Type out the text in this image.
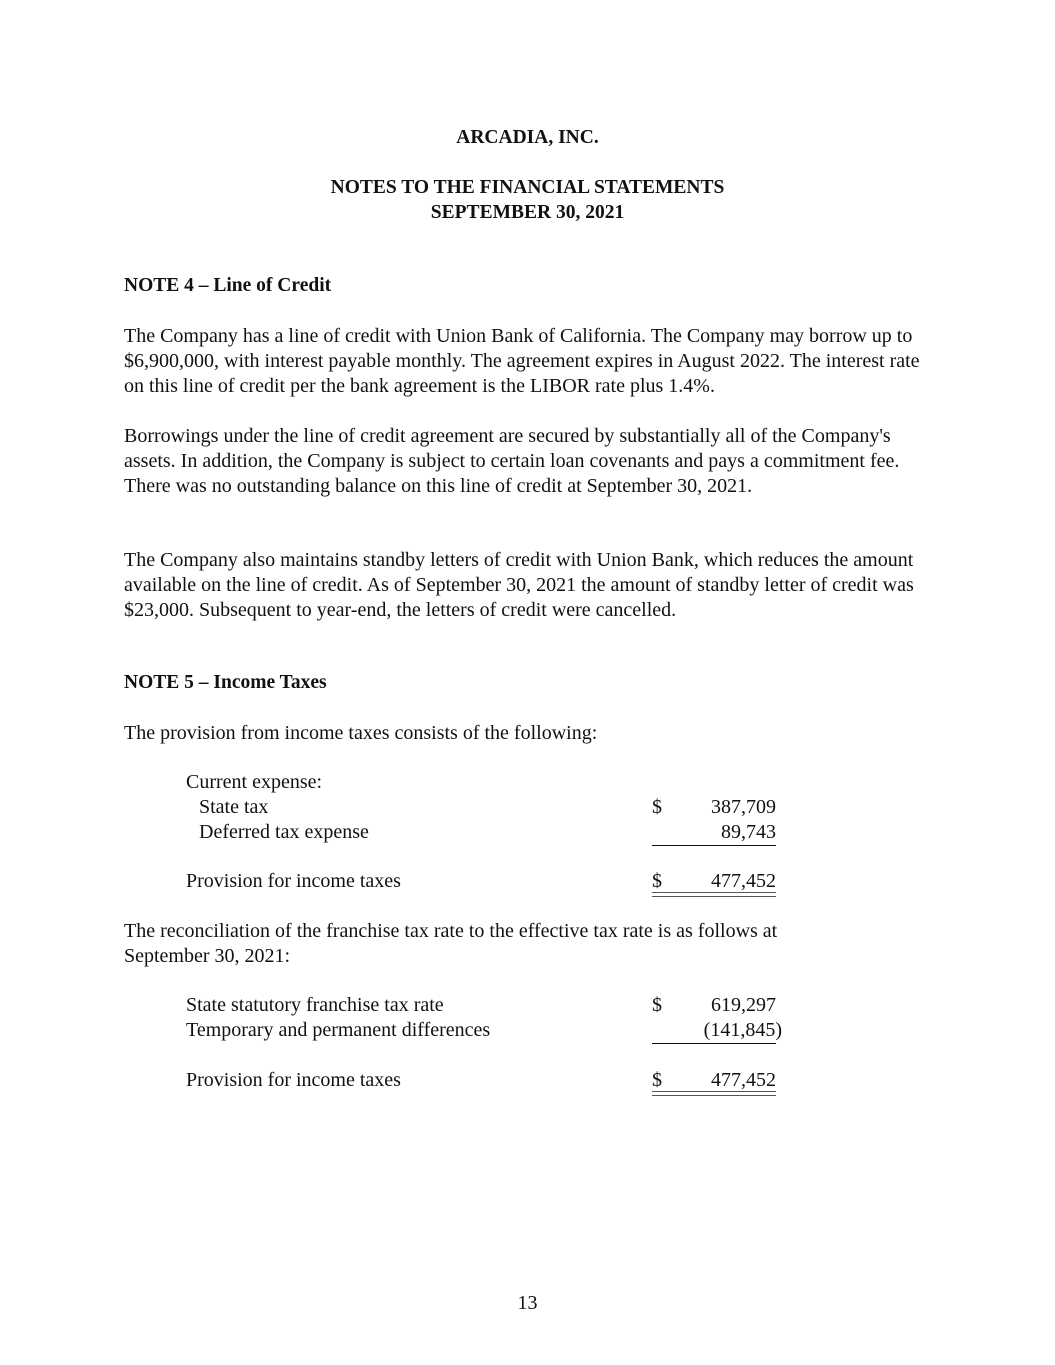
ARCADIA, INC.
NOTES TO THE FINANCIAL STATEMENTS
SEPTEMBER 30, 2021
NOTE 4 – Line of Credit
The Company has a line of credit with Union Bank of California. The Company may borrow up to $6,900,000, with interest payable monthly. The agreement expires in August 2022. The interest rate on this line of credit per the bank agreement is the LIBOR rate plus 1.4%.
Borrowings under the line of credit agreement are secured by substantially all of the Company's assets. In addition, the Company is subject to certain loan covenants and pays a commitment fee. There was no outstanding balance on this line of credit at September 30, 2021.
The Company also maintains standby letters of credit with Union Bank, which reduces the amount available on the line of credit. As of September 30, 2021 the amount of standby letter of credit was $23,000. Subsequent to year-end, the letters of credit were cancelled.
NOTE 5 – Income Taxes
The provision from income taxes consists of the following:
Current expense:
State tax	$ 387,709
Deferred tax expense	89,743
Provision for income taxes	$ 477,452
The reconciliation of the franchise tax rate to the effective tax rate is as follows at September 30, 2021:
State statutory franchise tax rate	$ 619,297
Temporary and permanent differences	(141,845)
Provision for income taxes	$ 477,452
13
